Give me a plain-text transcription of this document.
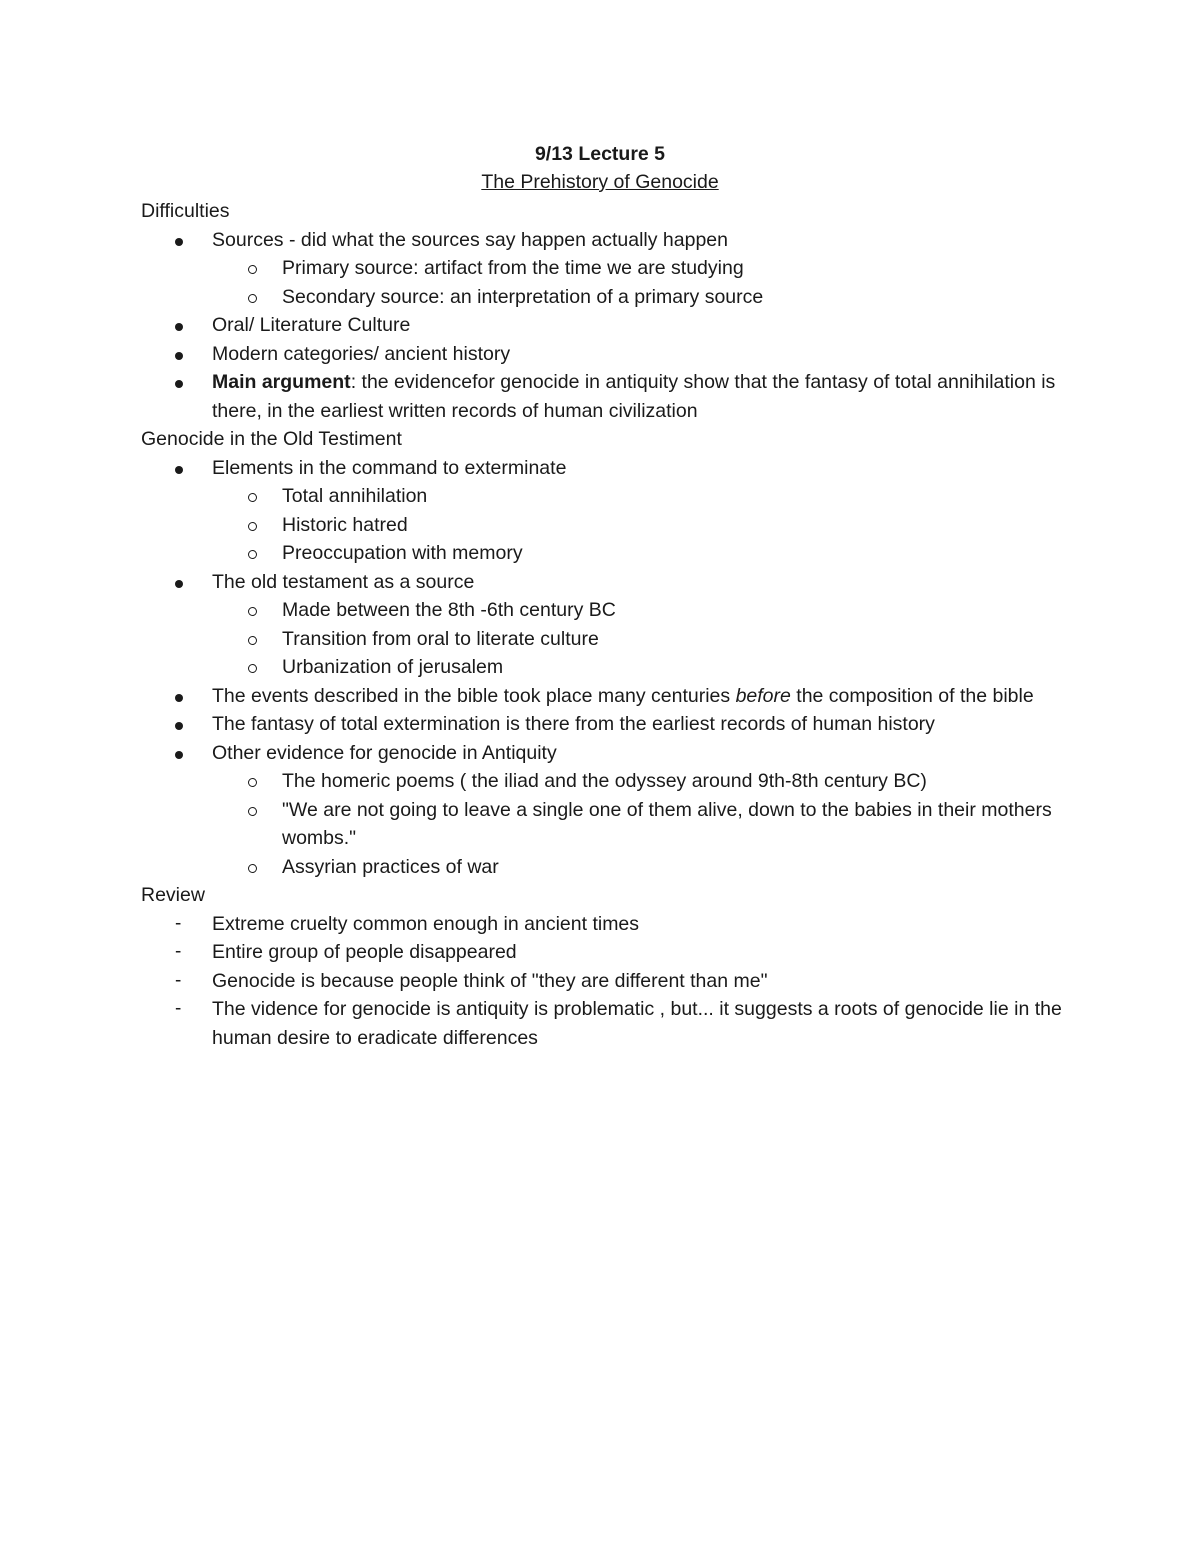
9/13 Lecture 5
The Prehistory of Genocide
Difficulties
Sources - did what the sources say happen actually happen
Primary source: artifact from the time we are studying
Secondary source: an interpretation of a primary source
Oral/ Literature Culture
Modern categories/ ancient history
Main argument: the evidencefor genocide in antiquity show that the fantasy of total annihilation is there, in the earliest written records of human civilization
Genocide in the Old Testiment
Elements in the command to exterminate
Total annihilation
Historic hatred
Preoccupation with memory
The old testament as a source
Made between the 8th -6th century BC
Transition from oral to literate culture
Urbanization of jerusalem
The events described in the bible took place many centuries before the composition of the bible
The fantasy of total extermination is there from the earliest records of human history
Other evidence for genocide in Antiquity
The homeric poems ( the iliad and the odyssey around 9th-8th century BC)
"We are not going to leave a single one of them alive, down to the babies in their mothers wombs."
Assyrian practices of war
Review
- Extreme cruelty common enough in ancient times
- Entire group of people disappeared
- Genocide is because people think of "they are different than me"
- The vidence for genocide is antiquity is problematic , but... it suggests a roots of genocide lie in the human desire to eradicate differences
